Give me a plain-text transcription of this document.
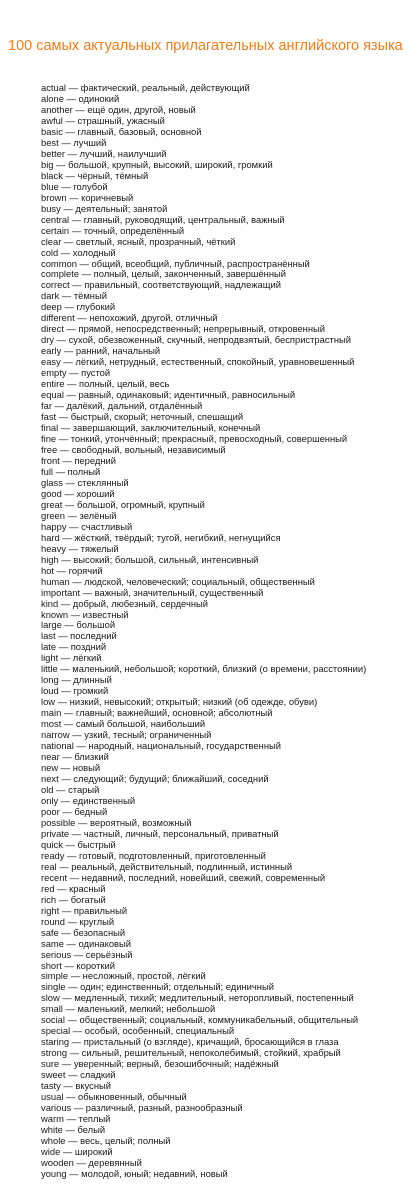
100 самых актуальных прилагательных английского языка
actual — фактический, реальный, действующий
alone — одинокий
another — ещё один, другой, новый
awful — страшный, ужасный
basic — главный, базовый, основной
best — лучший
better — лучший, наилучший
big — большой, крупный, высокий, широкий, громкий
black — чёрный, тёмный
blue — голубой
brown — коричневый
busy — деятельный; занятой
central — главный, руководящий, центральный, важный
certain — точный, определённый
clear — светлый, ясный, прозрачный, чёткий
cold — холодный
common — общий, всеобщий, публичный, распространённый
complete — полный, целый, законченный, завершённый
correct — правильный, соответствующий, надлежащий
dark — тёмный
deep — глубокий
different — непохожий, другой, отличный
direct — прямой, непосредственный; непрерывный, откровенный
dry — сухой, обезвоженный, скучный, непродвзятый, беспристрастный
early — ранний, начальный
easy — лёгкий, нетрудный, естественный, спокойный, уравновешенный
empty — пустой
entire — полный, целый, весь
equal — равный, одинаковый; идентичный, равносильный
far — далёкий, дальний, отдалённый
fast — быстрый, скорый; неточный, спешащий
final — завершающий, заключительный, конечный
fine — тонкий, утончённый; прекрасный, превосходный, совершенный
free — свободный, вольный, независимый
front — передний
full — полный
glass — стеклянный
good — хороший
great — большой, огромный, крупный
green — зелёный
happy — счастливый
hard — жёсткий, твёрдый; тугой, негибкий, негнущийся
heavy — тяжелый
high — высокий; большой, сильный, интенсивный
hot — горячий
human — людской, человеческий; социальный, общественный
important — важный, значительный, существенный
kind — добрый, любезный, сердечный
known — известный
large — большой
last — последний
late — поздний
light — лёгкий
little — маленький, небольшой; короткий, близкий (о времени, расстоянии)
long — длинный
loud — громкий
low — низкий, невысокий; открытый; низкий (об одежде, обуви)
main — главный; важнейший, основной; абсолютный
most — самый большой, наибольший
narrow — узкий, тесный; ограниченный
national — народный, национальный, государственный
near — близкий
new — новый
next — следующий; будущий; ближайший, соседний
old — старый
only — единственный
poor — бедный
possible — вероятный, возможный
private — частный, личный, персональный, приватный
quick — быстрый
ready — готовый, подготовленный, приготовленный
real — реальный, действительный, подлинный, истинный
recent — недавний, последний, новейший, свежий, современный
red — красный
rich — богатый
right — правильный
round — круглый
safe — безопасный
same — одинаковый
serious — серьёзный
short — короткий
simple — несложный, простой, лёгкий
single — один; единственный; отдельный; единичный
slow — медленный, тихий; медлительный, неторопливый, постепенный
small — маленький, мелкий; небольшой
social — общественный; социальный, коммуникабельный, общительный
special — особый, особенный, специальный
staring — пристальный (о взгляде), кричащий, бросающийся в глаза
strong — сильный, решительный, непоколебимый, стойкий, храбрый
sure — уверенный; верный, безошибочный; надёжный
sweet — сладкий
tasty — вкусный
usual — обыкновенный, обычный
various — различный, разный, разнообразный
warm — теплый
white — белый
whole — весь, целый; полный
wide — широкий
wooden — деревянный
young — молодой, юный; недавний, новый
